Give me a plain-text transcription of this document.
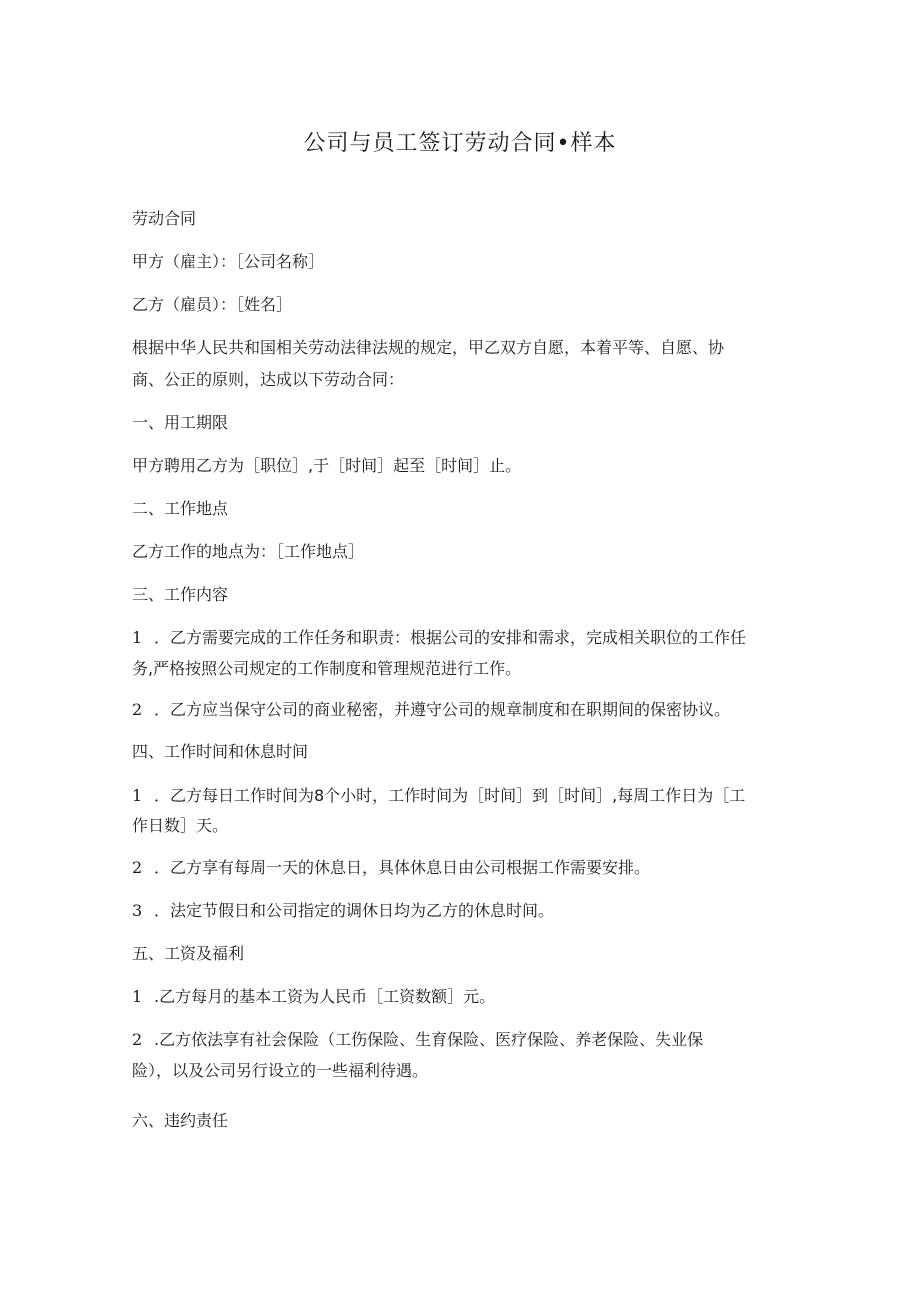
公司与员工签订劳动合同•样本
劳动合同
甲方（雇主）：［公司名称］
乙方（雇员）：［姓名］
根据中华人民共和国相关劳动法律法规的规定，甲乙双方自愿，本着平等、自愿、协
商、公正的原则，达成以下劳动合同：
一、用工期限
甲方聘用乙方为［职位］,于［时间］起至［时间］止。
二、工作地点
乙方工作的地点为：［工作地点］
三、工作内容
1 ．乙方需要完成的工作任务和职责：根据公司的安排和需求，完成相关职位的工作任
务,严格按照公司规定的工作制度和管理规范进行工作。
2 ．乙方应当保守公司的商业秘密，并遵守公司的规章制度和在职期间的保密协议。
四、工作时间和休息时间
1 ．乙方每日工作时间为8个小时，工作时间为［时间］到［时间］,每周工作日为［工
作日数］天。
2 ．乙方享有每周一天的休息日，具体休息日由公司根据工作需要安排。
3 ．法定节假日和公司指定的调休日均为乙方的休息时间。
五、工资及福利
1 .乙方每月的基本工资为人民币［工资数额］元。
2 .乙方依法享有社会保险（工伤保险、生育保险、医疗保险、养老保险、失业保
险），以及公司另行设立的一些福利待遇。
六、违约责任
